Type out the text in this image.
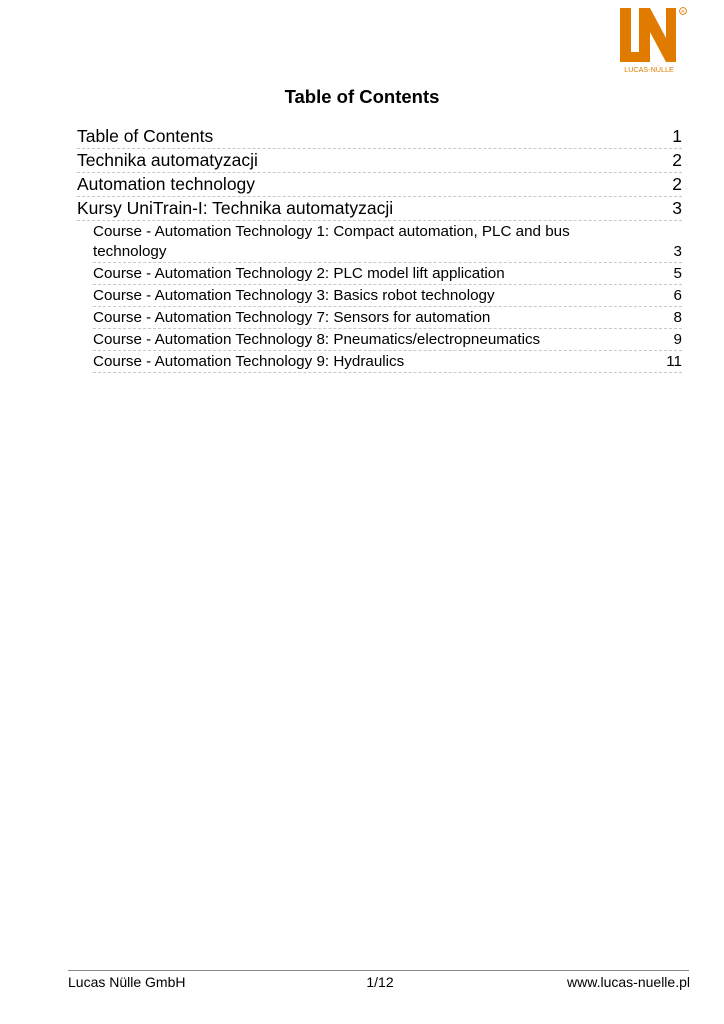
R
LUCAS-NÜLLE
Table of Contents
Table of Contents	1
Technika automatyzacji	2
Automation technology	2
Kursy UniTrain-I: Technika automatyzacji	3
Course - Automation Technology 1: Compact automation, PLC and bus technology	3
Course - Automation Technology 2: PLC model lift application	5
Course - Automation Technology 3: Basics robot technology	6
Course - Automation Technology 7: Sensors for automation	8
Course - Automation Technology 8: Pneumatics/electropneumatics	9
Course - Automation Technology 9: Hydraulics	11
Lucas Nülle GmbH	1/12	www.lucas-nuelle.pl
